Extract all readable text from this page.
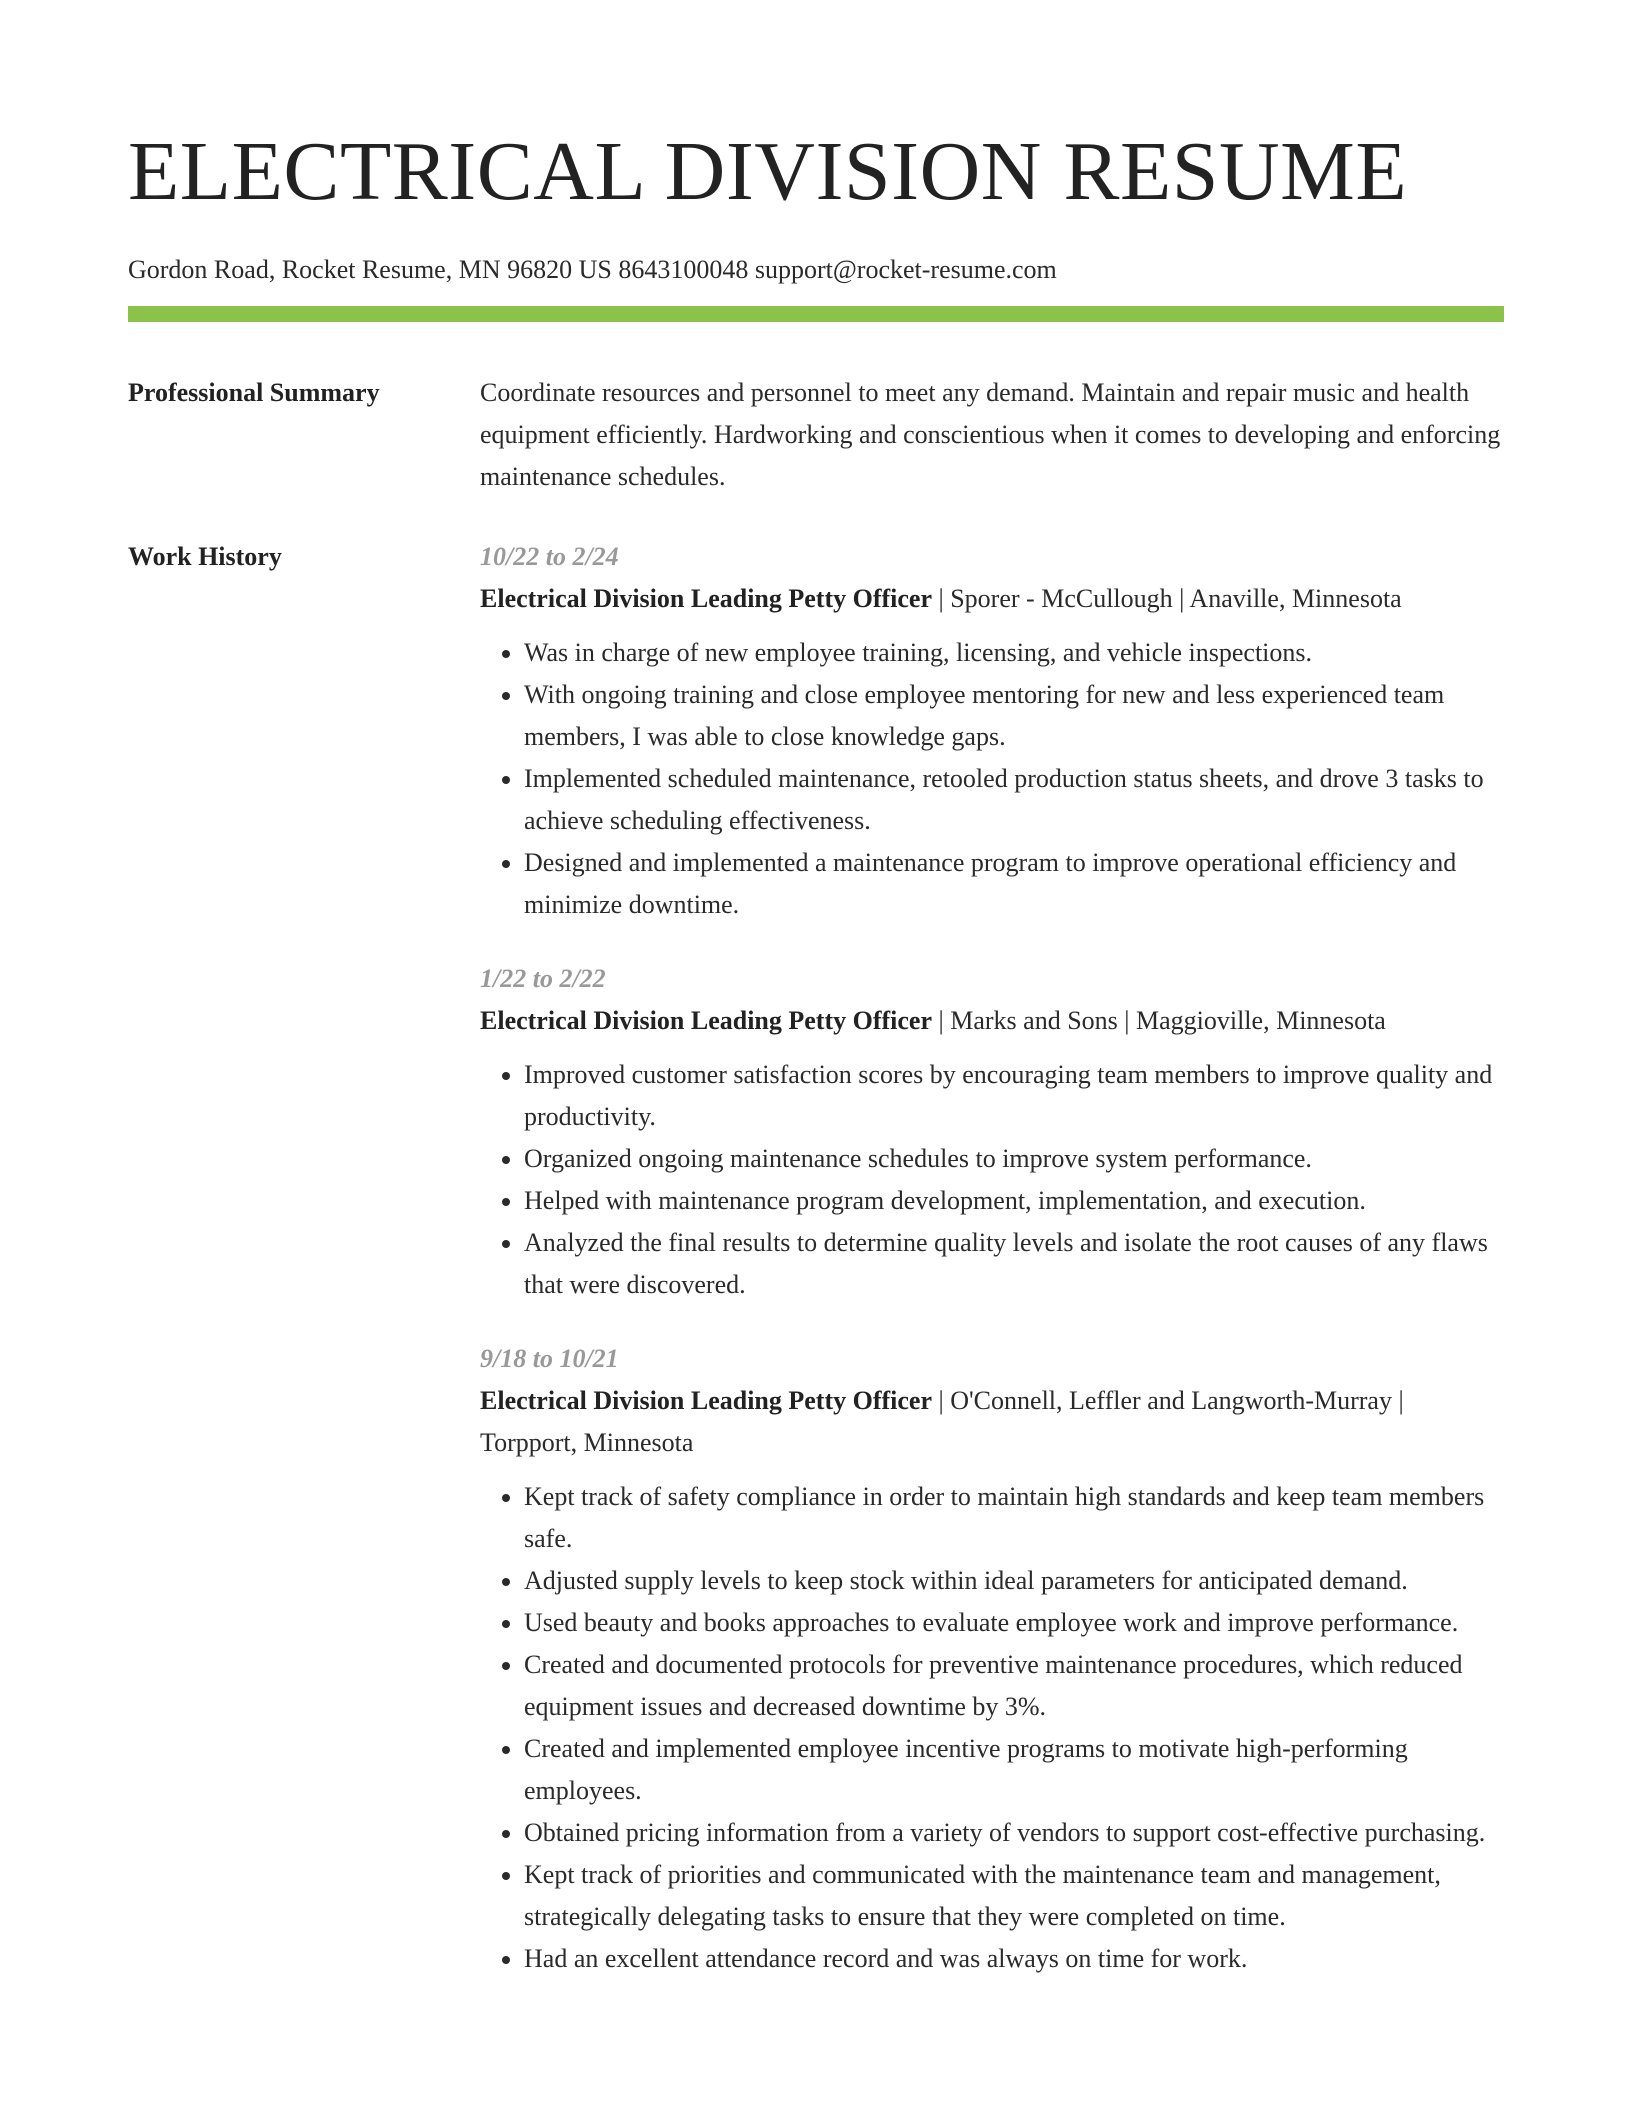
ELECTRICAL DIVISION RESUME
Gordon Road, Rocket Resume, MN 96820 US 8643100048 support@rocket-resume.com
Professional Summary	Coordinate resources and personnel to meet any demand. Maintain and repair music and health equipment efficiently. Hardworking and conscientious when it comes to developing and enforcing maintenance schedules.
Work History	10/22 to 2/24
Electrical Division Leading Petty Officer | Sporer - McCullough | Anaville, Minnesota
• Was in charge of new employee training, licensing, and vehicle inspections.
• With ongoing training and close employee mentoring for new and less experienced team members, I was able to close knowledge gaps.
• Implemented scheduled maintenance, retooled production status sheets, and drove 3 tasks to achieve scheduling effectiveness.
• Designed and implemented a maintenance program to improve operational efficiency and minimize downtime.
1/22 to 2/22
Electrical Division Leading Petty Officer | Marks and Sons | Maggioville, Minnesota
• Improved customer satisfaction scores by encouraging team members to improve quality and productivity.
• Organized ongoing maintenance schedules to improve system performance.
• Helped with maintenance program development, implementation, and execution.
• Analyzed the final results to determine quality levels and isolate the root causes of any flaws that were discovered.
9/18 to 10/21
Electrical Division Leading Petty Officer | O'Connell, Leffler and Langworth-Murray | Torpport, Minnesota
• Kept track of safety compliance in order to maintain high standards and keep team members safe.
• Adjusted supply levels to keep stock within ideal parameters for anticipated demand.
• Used beauty and books approaches to evaluate employee work and improve performance.
• Created and documented protocols for preventive maintenance procedures, which reduced equipment issues and decreased downtime by 3%.
• Created and implemented employee incentive programs to motivate high-performing employees.
• Obtained pricing information from a variety of vendors to support cost-effective purchasing.
• Kept track of priorities and communicated with the maintenance team and management, strategically delegating tasks to ensure that they were completed on time.
• Had an excellent attendance record and was always on time for work.
